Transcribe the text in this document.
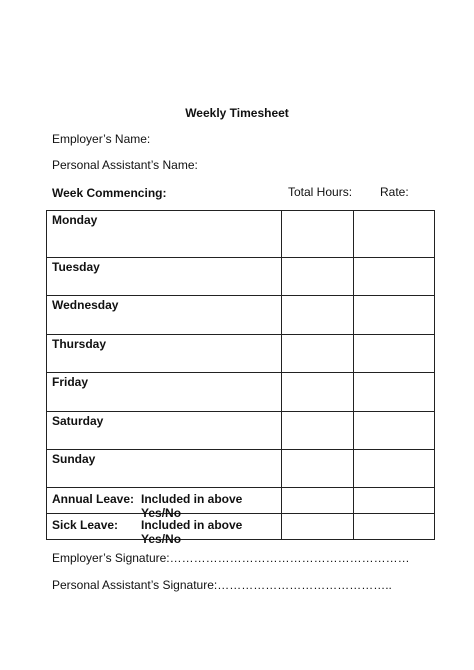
Weekly Timesheet
Employer’s Name:
Personal Assistant’s Name:
Week Commencing:	Total Hours: Rate:
Monday		
Tuesday		
Wednesday		
Thursday		
Friday		
Saturday		
Sunday		

Annual Leave: Included in above Yes/No		

Sick Leave: Included in above Yes/No		

Employer’s Signature:……………………………………………………
Personal Assistant’s Signature:……………………………………..
